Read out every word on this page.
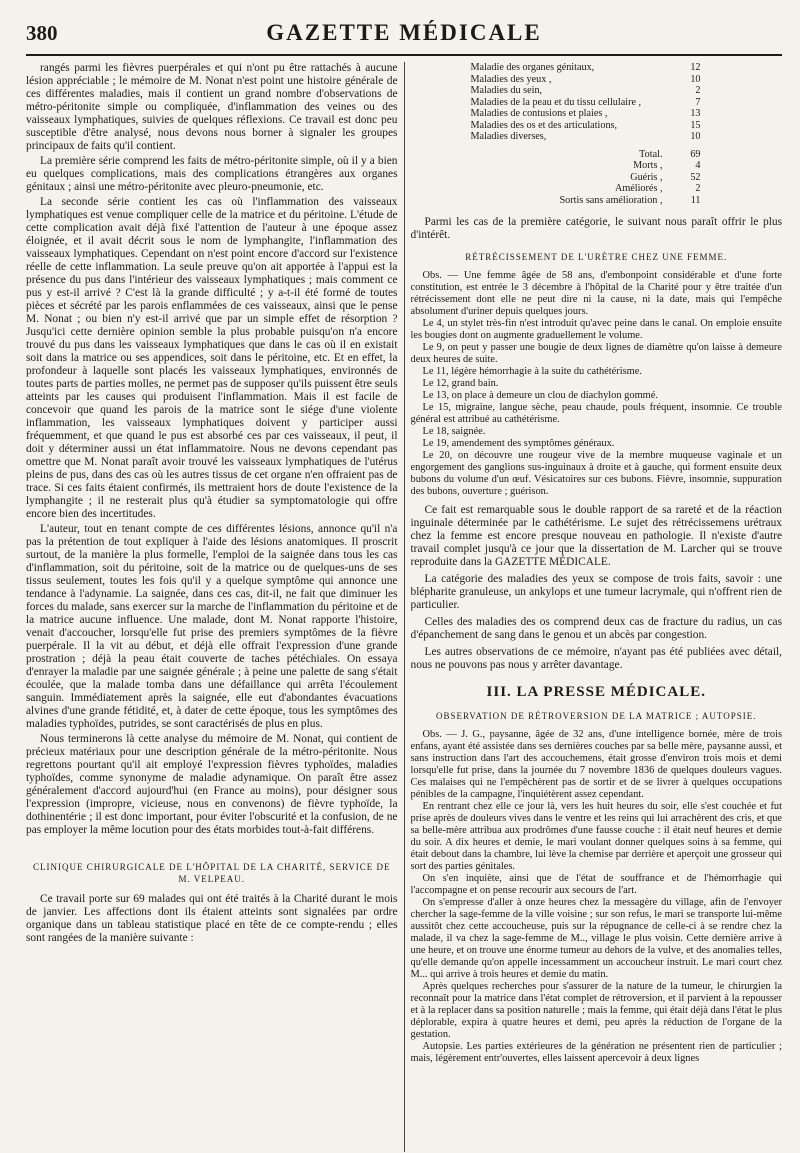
380	GAZETTE MÉDICALE

rangés parmi les fièvres puerpérales et qui n'ont pu être rattachés à aucune lésion appréciable ; le mémoire de M. Nonat n'est point une histoire générale de ces différentes maladies, mais il contient un grand nombre d'observations de métro-péritonite simple ou compliquée, d'inflammation des veines ou des vaisseaux lymphatiques, suivies de quelques réflexions. Ce travail est donc peu susceptible d'être analysé, nous devons nous borner à signaler les groupes principaux de faits qu'il contient.

La première série comprend les faits de métro-péritonite simple, où il y a bien eu quelques complications, mais des complications étrangères aux organes génitaux ; ainsi une métro-péritonite avec pleuro-pneumonie, etc.

La seconde série contient les cas où l'inflammation des vaisseaux lymphatiques est venue compliquer celle de la matrice et du péritoine. L'étude de cette complication avait déjà fixé l'attention de l'auteur à une époque assez éloignée, et il avait décrit sous le nom de lymphangite, l'inflammation des vaisseaux lymphatiques. Cependant on n'est point encore d'accord sur l'existence réelle de cette inflammation. La seule preuve qu'on ait apportée à l'appui est la présence du pus dans l'intérieur des vaisseaux lymphatiques ; mais comment ce pus y est-il arrivé ? C'est là la grande difficulté ; y a-t-il été formé de toutes pièces et sécrété par les parois enflammées de ces vaisseaux, ainsi que le pense M. Nonat ; ou bien n'y est-il arrivé que par un simple effet de résorption ? Jusqu'ici cette dernière opinion semble la plus probable puisqu'on n'a encore trouvé du pus dans les vaisseaux lymphatiques que dans le cas où il en existait soit dans la matrice ou ses appendices, soit dans le péritoine, etc. Et en effet, la profondeur à laquelle sont placés les vaisseaux lymphatiques, environnés de toutes parts de parties molles, ne permet pas de supposer qu'ils puissent être seuls atteints par les causes qui produisent l'inflammation. Mais il est facile de concevoir que quand les parois de la matrice sont le siége d'une violente inflammation, les vaisseaux lymphatiques doivent y participer aussi fréquemment, et que quand le pus est absorbé ces par ces vaisseaux, il peut, il doit y déterminer aussi un état inflammatoire. Nous ne devons cependant pas omettre que M. Nonat paraît avoir trouvé les vaisseaux lymphatiques de l'utérus pleins de pus, dans des cas où les autres tissus de cet organe n'en offraient pas de trace. Si ces faits étaient confirmés, ils mettraient hors de doute l'existence de la lymphangite ; il ne resterait plus qu'à étudier sa symptomatologie qui offre encore bien des incertitudes.

L'auteur, tout en tenant compte de ces différentes lésions, annonce qu'il n'a pas la prétention de tout expliquer à l'aide des lésions anatomiques. Il proscrit surtout, de la manière la plus formelle, l'emploi de la saignée dans tous les cas d'inflammation, soit du péritoine, soit de la matrice ou de quelques-uns de ses tissus seulement, toutes les fois qu'il y a quelque symptôme qui annonce une tendance à l'adynamie. La saignée, dans ces cas, dit-il, ne fait que diminuer les forces du malade, sans exercer sur la marche de l'inflammation du péritoine et de la matrice aucune influence. Une malade, dont M. Nonat rapporte l'histoire, venait d'accoucher, lorsqu'elle fut prise des premiers symptômes de la fièvre puerpérale. Il la vit au début, et déjà elle offrait l'expression d'une grande prostration ; déjà la peau était couverte de taches pétéchiales. On essaya d'enrayer la maladie par une saignée générale ; à peine une palette de sang s'était écoulée, que la malade tomba dans une défaillance qui arrêta l'écoulement sanguin. Immédiatement après la saignée, elle eut d'abondantes évacuations alvines d'une grande fétidité, et, à dater de cette époque, tous les symptômes des maladies typhoïdes, putrides, se sont caractérisés de plus en plus.

Nous terminerons là cette analyse du mémoire de M. Nonat, qui contient de précieux matériaux pour une description générale de la métro-péritonite. Nous regrettons pourtant qu'il ait employé l'expression fièvres typhoïdes, maladies typhoïdes, comme synonyme de maladie adynamique. On paraît être assez généralement d'accord aujourd'hui (en France au moins), pour désigner sous l'expression (impropre, vicieuse, nous en convenons) de fièvre typhoïde, la dothinentérie ; il est donc important, pour éviter l'obscurité et la confusion, de ne pas employer la même locution pour des états morbides tout-à-fait différens.

CLINIQUE CHIRURGICALE DE L'HÔPITAL DE LA CHARITÉ, SERVICE DE M. VELPEAU.

Ce travail porte sur 69 malades qui ont été traités à la Charité durant le mois de janvier. Les affections dont ils étaient atteints sont signalées par ordre organique dans un tableau statistique placé en tête de ce compte-rendu ; elles sont rangées de la manière suivante :

Maladie des organes génitaux,	12
Maladies des yeux ,	10
Maladies du sein,	2
Maladies de la peau et du tissu cellulaire ,	7
Maladies de contusions et plaies ,	13
Maladies des os et des articulations,	15
Maladies diverses,	10
Total.	69
Morts ,	4
Guéris ,	52
Améliorés ,	2
Sortis sans amélioration ,	11

Parmi les cas de la première catégorie, le suivant nous paraît offrir le plus d'intérêt.

RÉTRÉCISSEMENT DE L'URÈTRE CHEZ UNE FEMME.

Obs. — Une femme âgée de 58 ans, d'embonpoint considérable et d'une forte constitution, est entrée le 3 décembre à l'hôpital de la Charité pour y être traitée d'un rétrécissement dont elle ne peut dire ni la cause, ni la date, mais qui l'empêche absolument d'uriner depuis quelques jours.

Le 4, un stylet très-fin n'est introduit qu'avec peine dans le canal. On emploie ensuite les bougies dont on augmente graduellement le volume.

Le 9, on peut y passer une bougie de deux lignes de diamètre qu'on laisse à demeure deux heures de suite.

Le 11, légère hémorrhagie à la suite du cathétérisme.

Le 12, grand bain.

Le 13, on place à demeure un clou de diachylon gommé.

Le 15, migraine, langue sèche, peau chaude, pouls fréquent, insomnie. Ce trouble général est attribué au cathétérisme.

Le 18, saignée.

Le 19, amendement des symptômes généraux.

Le 20, on découvre une rougeur vive de la membre muqueuse vaginale et un engorgement des ganglions sus-inguinaux à droite et à gauche, qui forment ensuite deux bubons du volume d'un œuf. Vésicatoires sur ces bubons. Fièvre, insomnie, suppuration des bubons, ouverture ; guérison.

Ce fait est remarquable sous le double rapport de sa rareté et de la réaction inguinale déterminée par le cathétérisme. Le sujet des rétrécissemens urétraux chez la femme est encore presque nouveau en pathologie. Il n'existe d'autre travail complet jusqu'à ce jour que la dissertation de M. Larcher qui se trouve reproduite dans la GAZETTE MÉDICALE.

La catégorie des maladies des yeux se compose de trois faits, savoir : une blépharite granuleuse, un ankylops et une tumeur lacrymale, qui n'offrent rien de particulier.

Celles des maladies des os comprend deux cas de fracture du radius, un cas d'épanchement de sang dans le genou et un abcès par congestion.

Les autres observations de ce mémoire, n'ayant pas été publiées avec détail, nous ne pouvons pas nous y arrêter davantage.

III. LA PRESSE MÉDICALE.
OBSERVATION DE RÉTROVERSION DE LA MATRICE ; AUTOPSIE.

Obs. — J. G., paysanne, âgée de 32 ans, d'une intelligence bornée, mère de trois enfans, ayant été assistée dans ses dernières couches par sa belle mère, paysanne aussi, et sans instruction dans l'art des accouchemens, était grosse d'environ trois mois et demi lorsqu'elle fut prise, dans la journée du 7 novembre 1836 de quelques douleurs vagues. Ces malaises qui ne l'empêchèrent pas de sortir et de se livrer à quelques occupations pénibles de la campagne, l'inquiétèrent assez cependant.

En rentrant chez elle ce jour là, vers les huit heures du soir, elle s'est couchée et fut prise après de douleurs vives dans le ventre et les reins qui lui arrachèrent des cris, et que sa belle-mère attribua aux prodrômes d'une fausse couche : il était neuf heures et demie du soir. A dix heures et demie, le mari voulant donner quelques soins à sa femme, qui était debout dans la chambre, lui lève la chemise par derrière et aperçoit une grosseur qui sort des parties génitales.

On s'en inquiète, ainsi que de l'état de souffrance et de l'hémorrhagie qui l'accompagne et on pense recourir aux secours de l'art.

On s'empresse d'aller à onze heures chez la messagère du village, afin de l'envoyer chercher la sage-femme de la ville voisine ; sur son refus, le mari se transporte lui-même aussitôt chez cette accoucheuse, puis sur la répugnance de celle-ci à se rendre chez la malade, il va chez la sage-femme de M.., village le plus voisin. Cette dernière arrive à une heure, et on trouve une énorme tumeur au dehors de la vulve, et des anomalies telles, qu'elle demande qu'on appelle incessamment un accoucheur instruit. Le mari court chez M... qui arrive à trois heures et demie du matin.

Après quelques recherches pour s'assurer de la nature de la tumeur, le chirurgien la reconnaît pour la matrice dans l'état complet de rétroversion, et il parvient à la repousser et à la replacer dans sa position naturelle ; mais la femme, qui était déjà dans l'état le plus déplorable, expira à quatre heures et demi, peu après la réduction de l'organe de la gestation.

Autopsie. Les parties extérieures de la génération ne présentent rien de particulier ; mais, légèrement entr'ouvertes, elles laissent apercevoir à deux lignes
